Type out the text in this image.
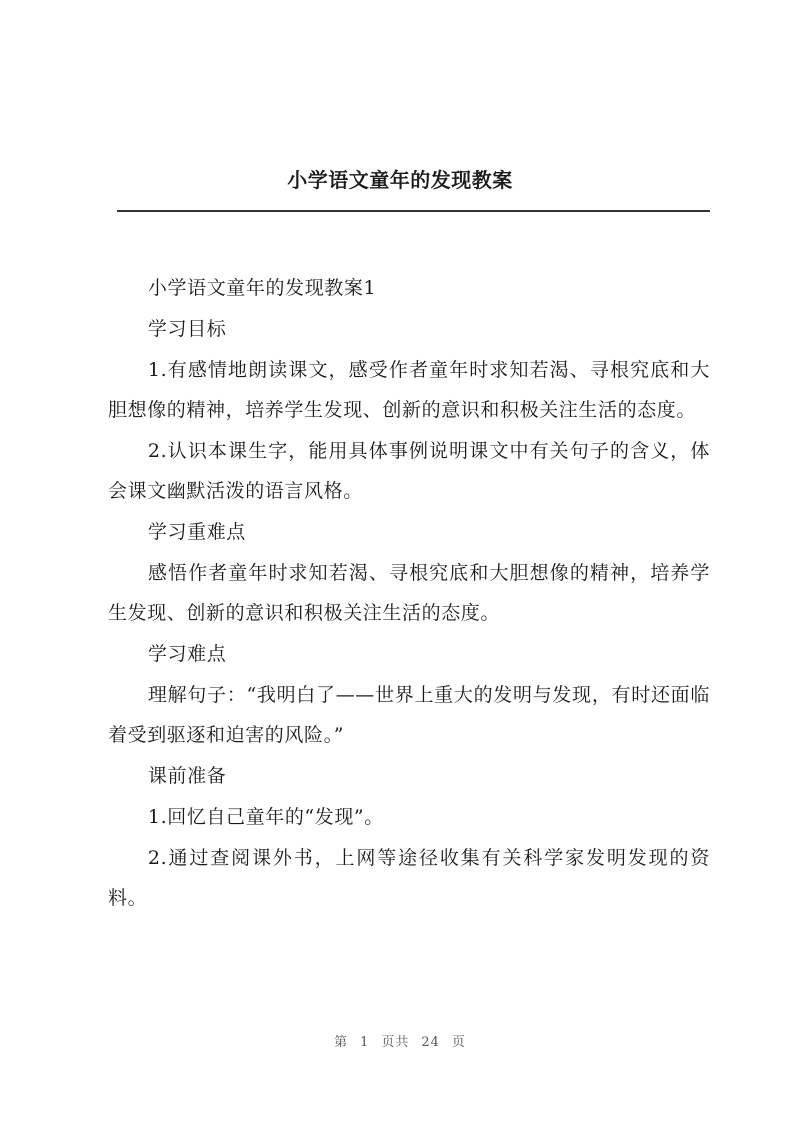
小学语文童年的发现教案

小学语文童年的发现教案1

学习目标

1.有感情地朗读课文，感受作者童年时求知若渴、寻根究底和大胆想像的精神，培养学生发现、创新的意识和积极关注生活的态度。

2.认识本课生字，能用具体事例说明课文中有关句子的含义，体会课文幽默活泼的语言风格。

学习重难点

感悟作者童年时求知若渴、寻根究底和大胆想像的精神，培养学生发现、创新的意识和积极关注生活的态度。

学习难点

理解句子：“我明白了——世界上重大的发明与发现，有时还面临着受到驱逐和迫害的风险。”

课前准备

1.回忆自己童年的“发现”。

2.通过查阅课外书，上网等途径收集有关科学家发明发现的资料。

第 1 页共 24 页
